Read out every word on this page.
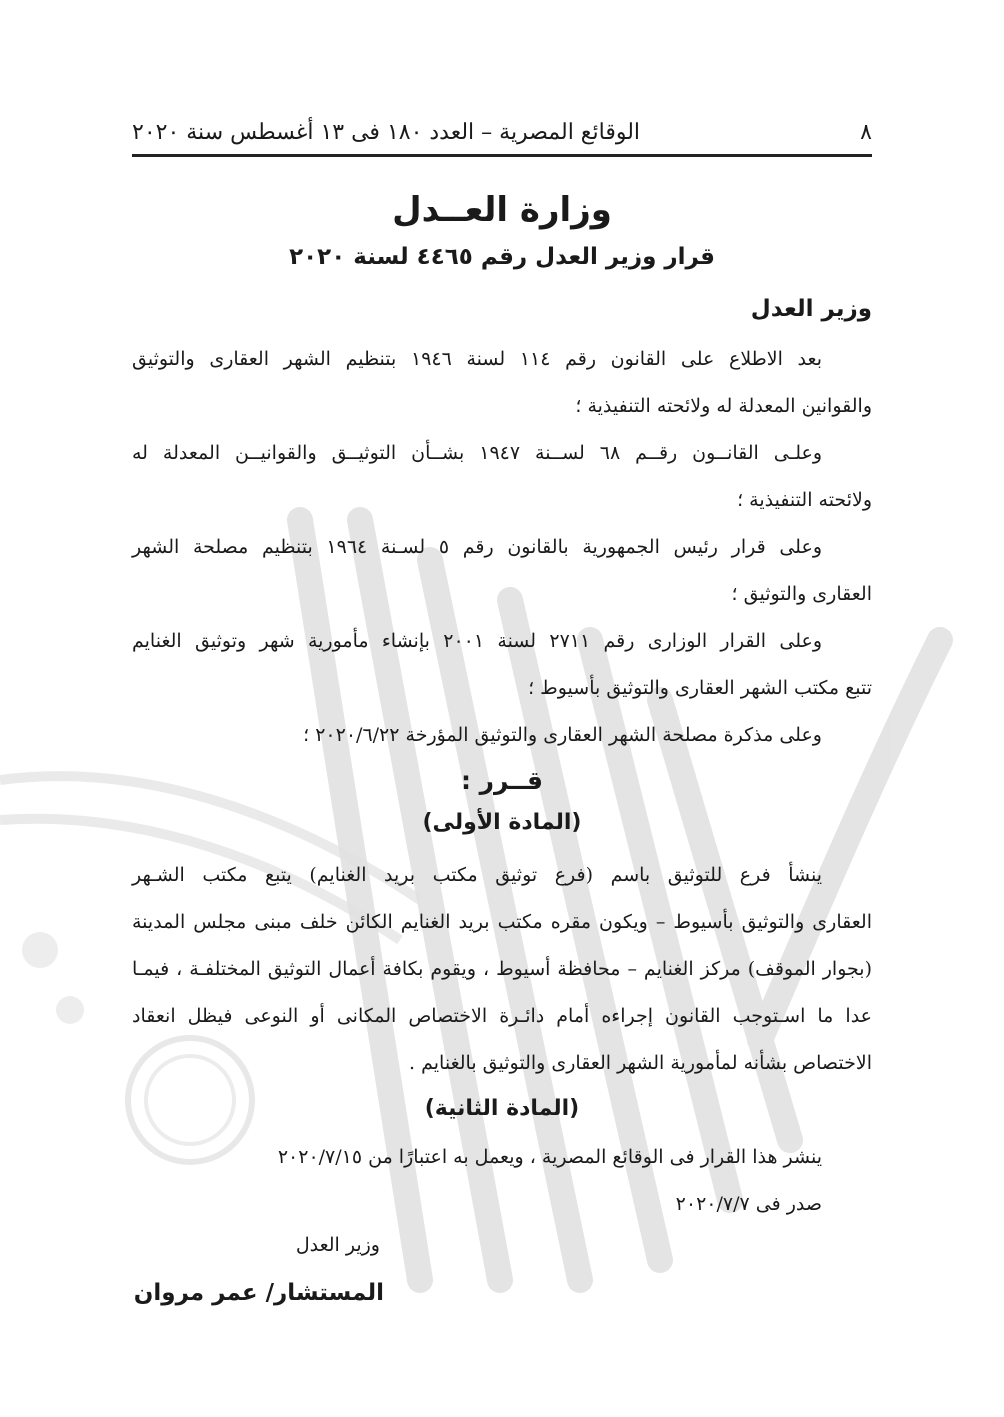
٨
الوقائع المصرية – العدد ١٨٠ فى ١٣ أغسطس سنة ٢٠٢٠
وزارة العــدل
قرار وزير العدل رقم ٤٤٦٥ لسنة ٢٠٢٠
وزير العدل
بعد الاطلاع على القانون رقم ١١٤ لسنة ١٩٤٦ بتنظيم الشهر العقارى والتوثيق
والقوانين المعدلة له ولائحته التنفيذية ؛
وعلـى القانــون رقــم ٦٨ لســنة ١٩٤٧ بشــأن التوثيــق والقوانيــن المعدلة له
ولائحته التنفيذية ؛
وعلى قرار رئيس الجمهورية بالقانون رقم ٥ لسـنة ١٩٦٤ بتنظيم مصلحة الشهر
العقارى والتوثيق ؛
وعلى القرار الوزارى رقم ٢٧١١ لسنة ٢٠٠١ بإنشاء مأمورية شهر وتوثيق الغنايم
تتبع مكتب الشهر العقارى والتوثيق بأسيوط ؛
وعلى مذكرة مصلحة الشهر العقارى والتوثيق المؤرخة ٢٠٢٠/٦/٢٢ ؛
قــرر :
(المادة الأولى)
ينشأ فرع للتوثيق باسم (فرع توثيق مكتب بريد الغنايم) يتبع مكتب الشـهر
العقارى والتوثيق بأسيوط – ويكون مقره مكتب بريد الغنايم الكائن خلف مبنى مجلس المدينة (بجوار الموقف) مركز الغنايم – محافظة أسيوط ، ويقوم بكافة أعمال التوثيق المختلفـة ، فيمـا عدا ما اسـتوجب القانون إجراءه أمام دائـرة الاختصاص المكانى أو النوعى فيظل انعقاد الاختصاص بشأنه لمأمورية الشهر العقارى والتوثيق بالغنايم .
(المادة الثانية)
ينشر هذا القرار فى الوقائع المصرية ، ويعمل به اعتبارًا من ٢٠٢٠/٧/١٥
صدر فى ٢٠٢٠/٧/٧
وزير العدل
المستشار/ عمر مروان
